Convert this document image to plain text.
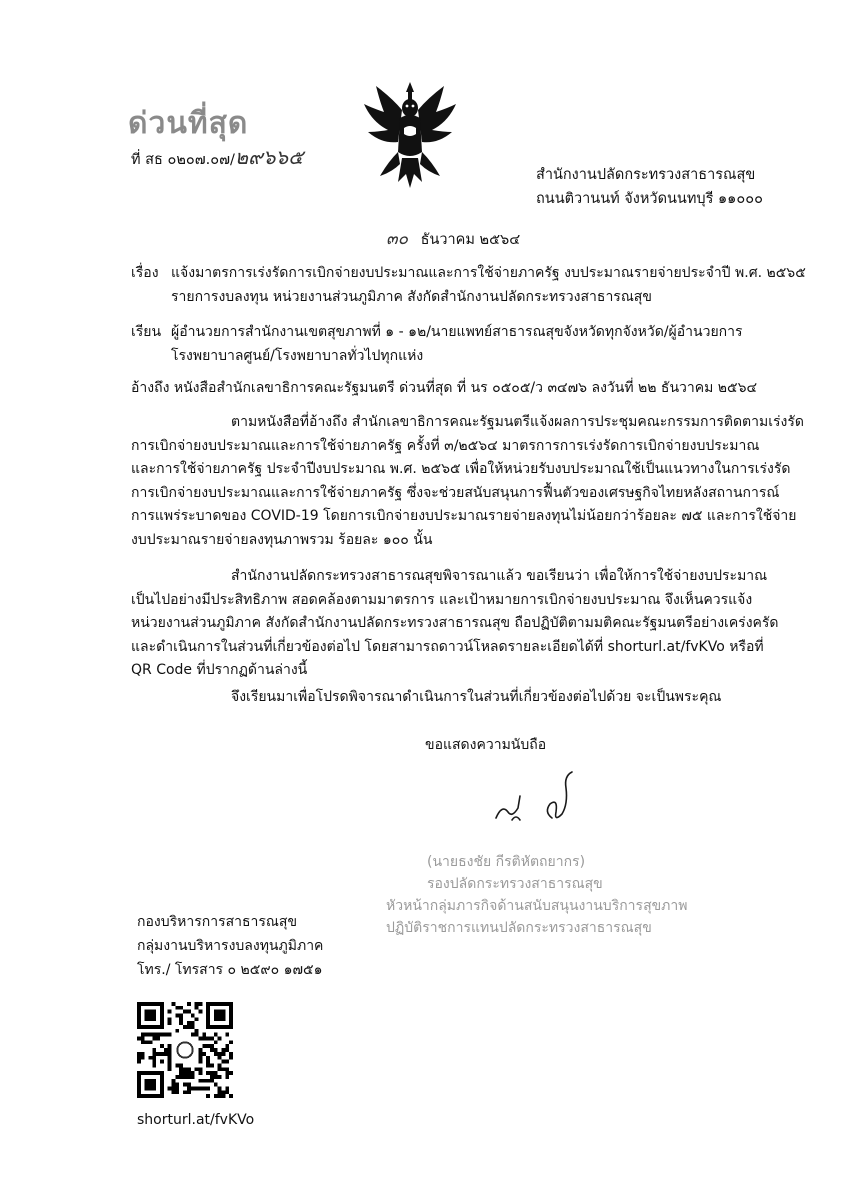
ด่วนที่สุด
ที่ สธ ๐๒๐๗.๐๗/๒๙๖๖๕
สำนักงานปลัดกระทรวงสาธารณสุข
ถนนติวานนท์ จังหวัดนนทบุรี ๑๑๐๐๐
๓๐ ธันวาคม ๒๕๖๔
เรื่อง แจ้งมาตรการเร่งรัดการเบิกจ่ายงบประมาณและการใช้จ่ายภาครัฐ งบประมาณรายจ่ายประจำปี พ.ศ. ๒๕๖๕
รายการงบลงทุน หน่วยงานส่วนภูมิภาค สังกัดสำนักงานปลัดกระทรวงสาธารณสุข
เรียน ผู้อำนวยการสำนักงานเขตสุขภาพที่ ๑ - ๑๒/นายแพทย์สาธารณสุขจังหวัดทุกจังหวัด/ผู้อำนวยการ
โรงพยาบาลศูนย์/โรงพยาบาลทั่วไปทุกแห่ง
อ้างถึง หนังสือสำนักเลขาธิการคณะรัฐมนตรี ด่วนที่สุด ที่ นร ๐๕๐๕/ว ๓๔๗๖ ลงวันที่ ๒๒ ธันวาคม ๒๕๖๔
ตามหนังสือที่อ้างถึง สำนักเลขาธิการคณะรัฐมนตรีแจ้งผลการประชุมคณะกรรมการติดตามเร่งรัด
การเบิกจ่ายงบประมาณและการใช้จ่ายภาครัฐ ครั้งที่ ๓/๒๕๖๔ มาตรการการเร่งรัดการเบิกจ่ายงบประมาณ
และการใช้จ่ายภาครัฐ ประจำปีงบประมาณ พ.ศ. ๒๕๖๕ เพื่อให้หน่วยรับงบประมาณใช้เป็นแนวทางในการเร่งรัด
การเบิกจ่ายงบประมาณและการใช้จ่ายภาครัฐ ซึ่งจะช่วยสนับสนุนการฟื้นตัวของเศรษฐกิจไทยหลังสถานการณ์
การแพร่ระบาดของ COVID-19 โดยการเบิกจ่ายงบประมาณรายจ่ายลงทุนไม่น้อยกว่าร้อยละ ๗๕ และการใช้จ่าย
งบประมาณรายจ่ายลงทุนภาพรวม ร้อยละ ๑๐๐ นั้น
สำนักงานปลัดกระทรวงสาธารณสุขพิจารณาแล้ว ขอเรียนว่า เพื่อให้การใช้จ่ายงบประมาณ
เป็นไปอย่างมีประสิทธิภาพ สอดคล้องตามมาตรการ และเป้าหมายการเบิกจ่ายงบประมาณ จึงเห็นควรแจ้ง
หน่วยงานส่วนภูมิภาค สังกัดสำนักงานปลัดกระทรวงสาธารณสุข ถือปฏิบัติตามมติคณะรัฐมนตรีอย่างเคร่งครัด
และดำเนินการในส่วนที่เกี่ยวข้องต่อไป โดยสามารถดาวน์โหลดรายละเอียดได้ที่ shorturl.at/fvKVo หรือที่
QR Code ที่ปรากฏด้านล่างนี้
จึงเรียนมาเพื่อโปรดพิจารณาดำเนินการในส่วนที่เกี่ยวข้องต่อไปด้วย จะเป็นพระคุณ
ขอแสดงความนับถือ
(นายธงชัย กีรติหัตถยากร)
รองปลัดกระทรวงสาธารณสุข
หัวหน้ากลุ่มภารกิจด้านสนับสนุนงานบริการสุขภาพ
ปฏิบัติราชการแทนปลัดกระทรวงสาธารณสุข
กองบริหารการสาธารณสุข
กลุ่มงานบริหารงบลงทุนภูมิภาค
โทร./ โทรสาร ๐ ๒๕๙๐ ๑๗๕๑
shorturl.at/fvKVo
